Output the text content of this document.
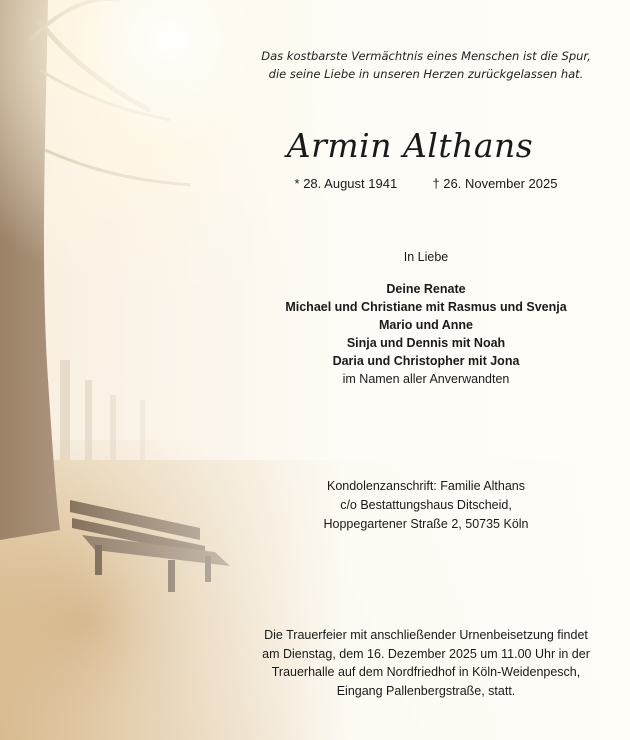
Das kostbarste Vermächtnis eines Menschen ist die Spur,
die seine Liebe in unseren Herzen zurückgelassen hat.
Armin Althans
* 28. August 1941	† 26. November 2025
In Liebe
Deine Renate
Michael und Christiane mit Rasmus und Svenja
Mario und Anne
Sinja und Dennis mit Noah
Daria und Christopher mit Jona
im Namen aller Anverwandten
Kondolenzanschrift: Familie Althans
c/o Bestattungshaus Ditscheid,
Hoppegartener Straße 2, 50735 Köln
Die Trauerfeier mit anschließender Urnenbeisetzung findet
am Dienstag, dem 16. Dezember 2025 um 11.00 Uhr in der
Trauerhalle auf dem Nordfriedhof in Köln-Weidenpesch,
Eingang Pallenbergstraße, statt.
